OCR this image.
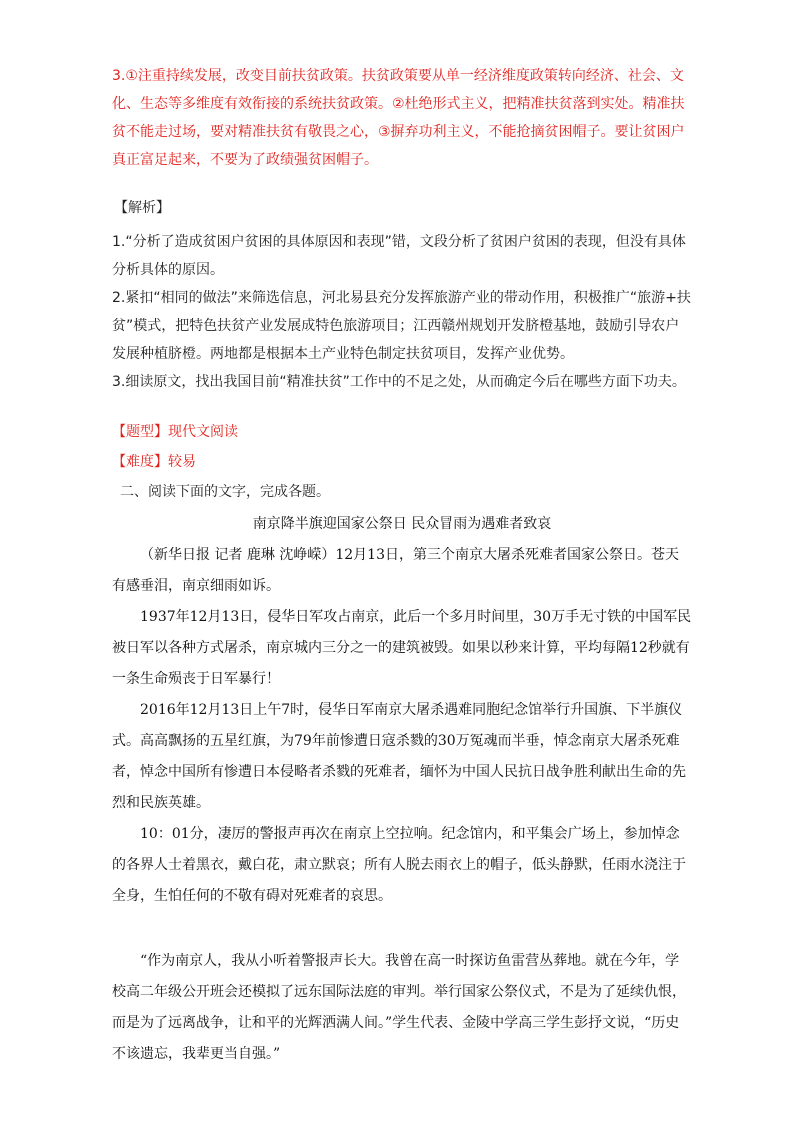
3.①注重持续发展，改变目前扶贫政策。扶贫政策要从单一经济维度政策转向经济、社会、文化、生态等多维度有效衔接的系统扶贫政策。②杜绝形式主义，把精准扶贫落到实处。精准扶贫不能走过场，要对精准扶贫有敬畏之心，③摒弃功利主义，不能抢摘贫困帽子。要让贫困户真正富足起来，不要为了政绩强贫困帽子。

【解析】

1.“分析了造成贫困户贫困的具体原因和表现”错，文段分析了贫困户贫困的表现，但没有具体分析具体的原因。

2.紧扣“相同的做法”来筛选信息，河北易县充分发挥旅游产业的带动作用，积极推广“旅游+扶贫”模式，把特色扶贫产业发展成特色旅游项目；江西赣州规划开发脐橙基地，鼓励引导农户发展种植脐橙。两地都是根据本土产业特色制定扶贫项目，发挥产业优势。

3.细读原文，找出我国目前“精准扶贫”工作中的不足之处，从而确定今后在哪些方面下功夫。

【题型】现代文阅读
【难度】较易
二、阅读下面的文字，完成各题。
南京降半旗迎国家公祭日 民众冒雨为遇难者致哀

（新华日报 记者 鹿琳 沈峥嵘）12月13日，第三个南京大屠杀死难者国家公祭日。苍天有感垂泪，南京细雨如诉。

1937年12月13日，侵华日军攻占南京，此后一个多月时间里，30万手无寸铁的中国军民被日军以各种方式屠杀，南京城内三分之一的建筑被毁。如果以秒来计算，平均每隔12秒就有一条生命殒丧于日军暴行！

2016年12月13日上午7时，侵华日军南京大屠杀遇难同胞纪念馆举行升国旗、下半旗仪式。高高飘扬的五星红旗，为79年前惨遭日寇杀戮的30万冤魂而半垂，悼念南京大屠杀死难者，悼念中国所有惨遭日本侵略者杀戮的死难者，缅怀为中国人民抗日战争胜利献出生命的先烈和民族英雄。

10：01分，凄厉的警报声再次在南京上空拉响。纪念馆内，和平集会广场上，参加悼念的各界人士着黑衣，戴白花，肃立默哀；所有人脱去雨衣上的帽子，低头静默，任雨水浇注于全身，生怕任何的不敬有碍对死难者的哀思。

“作为南京人，我从小听着警报声长大。我曾在高一时探访鱼雷营丛葬地。就在今年，学校高二年级公开班会还模拟了远东国际法庭的审判。举行国家公祭仪式，不是为了延续仇恨，而是为了远离战争，让和平的光辉洒满人间。”学生代表、金陵中学高三学生彭抒文说，“历史不该遗忘，我辈更当自强。”
